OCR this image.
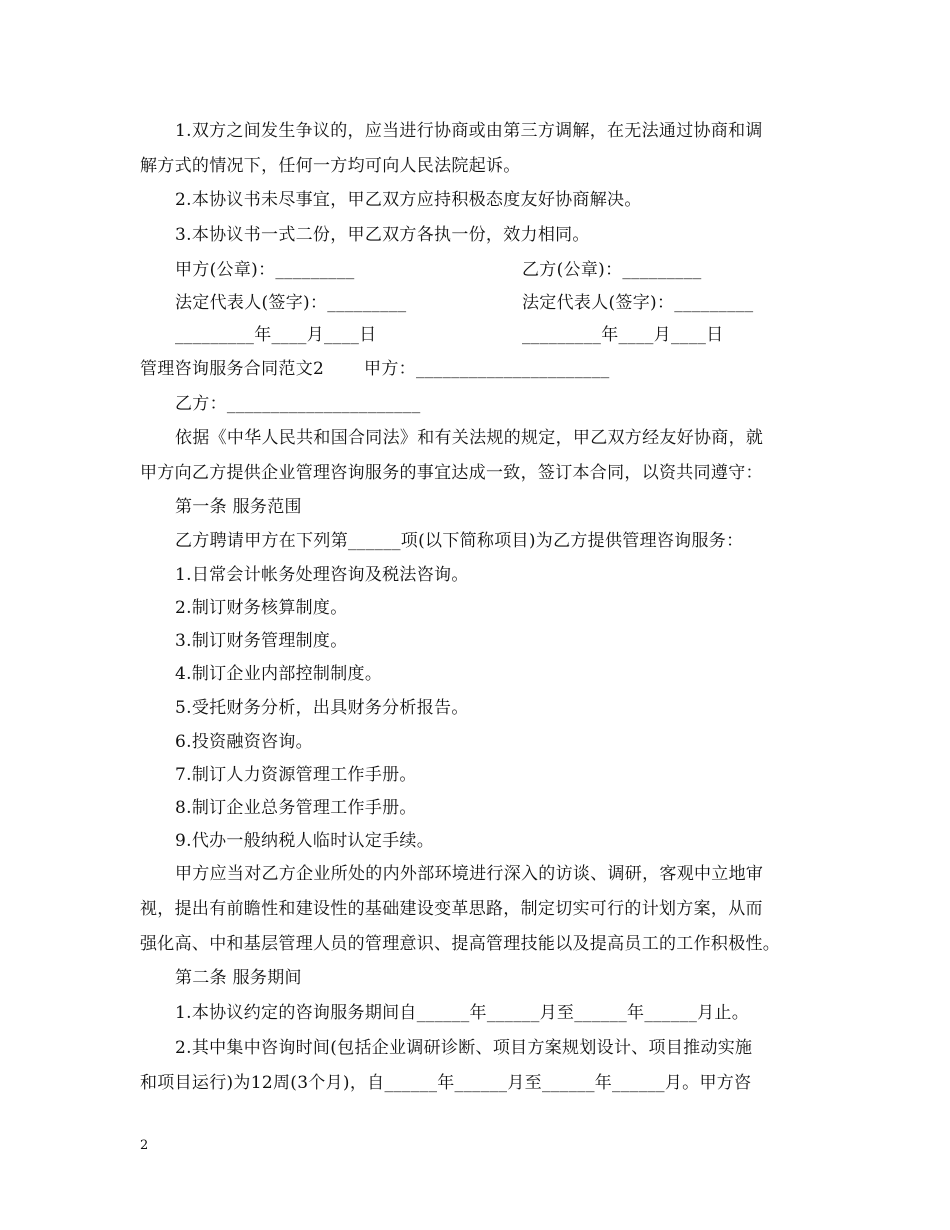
1.双方之间发生争议的，应当进行协商或由第三方调解，在无法通过协商和调
解方式的情况下，任何一方均可向人民法院起诉。
2.本协议书未尽事宜，甲乙双方应持积极态度友好协商解决。
3.本协议书一式二份，甲乙双方各执一份，效力相同。
甲方(公章)：_________	乙方(公章)：_________
法定代表人(签字)：_________	法定代表人(签字)：_________
_________年____月____日	_________年____月____日
管理咨询服务合同范文2       甲方：______________________
乙方：______________________
依据《中华人民共和国合同法》和有关法规的规定，甲乙双方经友好协商，就
甲方向乙方提供企业管理咨询服务的事宜达成一致，签订本合同，以资共同遵守：
第一条 服务范围
乙方聘请甲方在下列第______项(以下简称项目)为乙方提供管理咨询服务：
1.日常会计帐务处理咨询及税法咨询。
2.制订财务核算制度。
3.制订财务管理制度。
4.制订企业内部控制制度。
5.受托财务分析，出具财务分析报告。
6.投资融资咨询。
7.制订人力资源管理工作手册。
8.制订企业总务管理工作手册。
9.代办一般纳税人临时认定手续。
甲方应当对乙方企业所处的内外部环境进行深入的访谈、调研，客观中立地审
视，提出有前瞻性和建设性的基础建设变革思路，制定切实可行的计划方案，从而
强化高、中和基层管理人员的管理意识、提高管理技能以及提高员工的工作积极性。
第二条 服务期间
1.本协议约定的咨询服务期间自______年______月至______年______月止。
2.其中集中咨询时间(包括企业调研诊断、项目方案规划设计、项目推动实施
和项目运行)为12周(3个月)，自______年______月至______年______月。甲方咨
2
